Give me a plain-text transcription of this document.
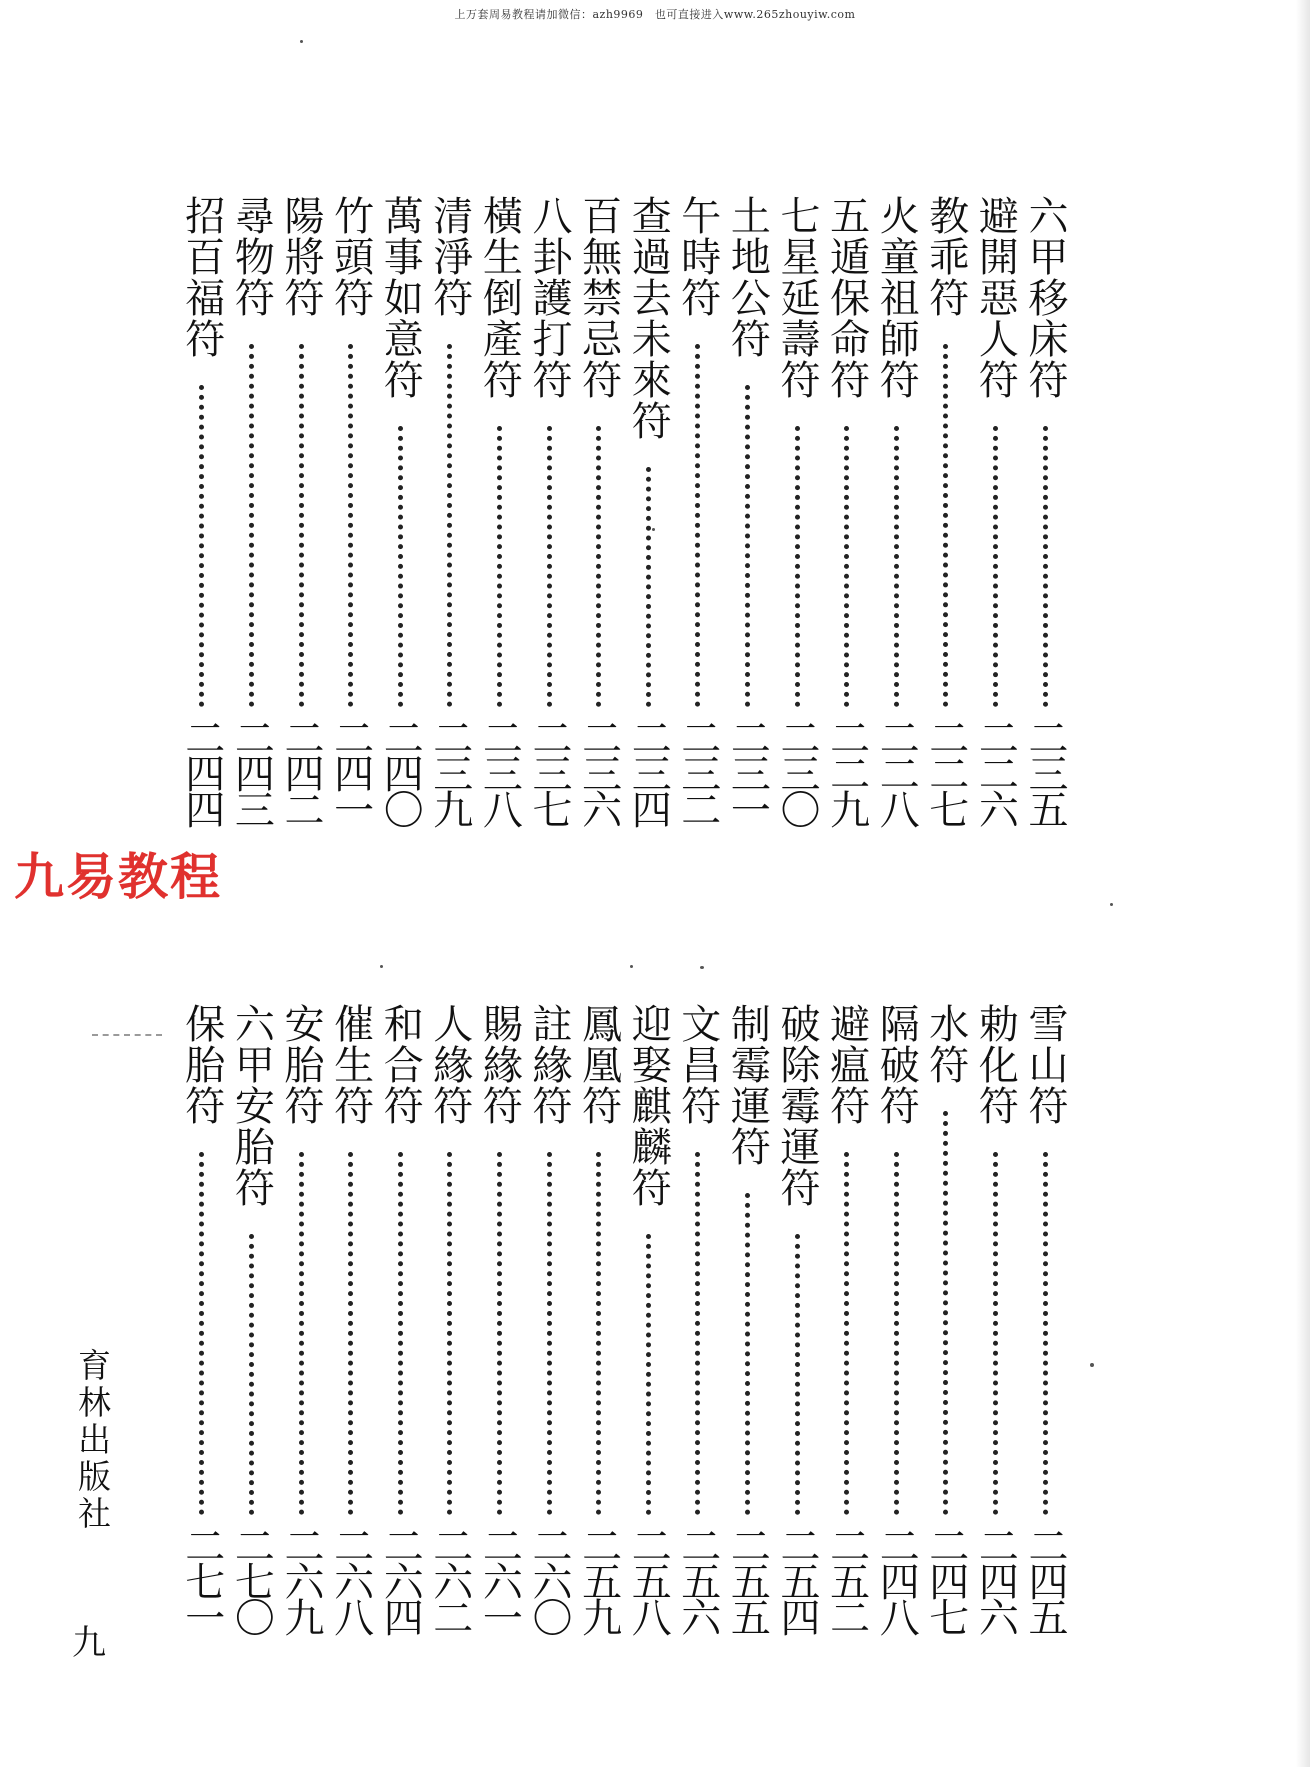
上万套周易教程请加微信：azh9969　也可直接进入www.265zhouyiw.com
六甲移床符
二三五
避開惡人符
二二六
教乖符
二二七
火童祖師符
二二八
五遁保命符
二二九
七星延壽符
二三〇
土地公符
二三一
午時符
二三二
查過去未來符
二三四
百無禁忌符
二三六
八卦護打符
二三七
橫生倒產符
二三八
清淨符
二三九
萬事如意符
二四〇
竹頭符
二四一
陽將符
二四二
尋物符
二四三
招百福符
二四四
九易教程
雪山符
二四五
勅化符
二四六
水符
二四七
隔破符
二四八
避瘟符
二五二
破除霉運符
二五四
制霉運符
二五五
文昌符
二五六
迎娶麒麟符
二五八
鳳凰符
二五九
註緣符
二六〇
賜緣符
二六一
人緣符
二六二
和合符
二六四
催生符
二六八
安胎符
二六九
六甲安胎符
二七〇
保胎符
二七一
育林出版社
九
